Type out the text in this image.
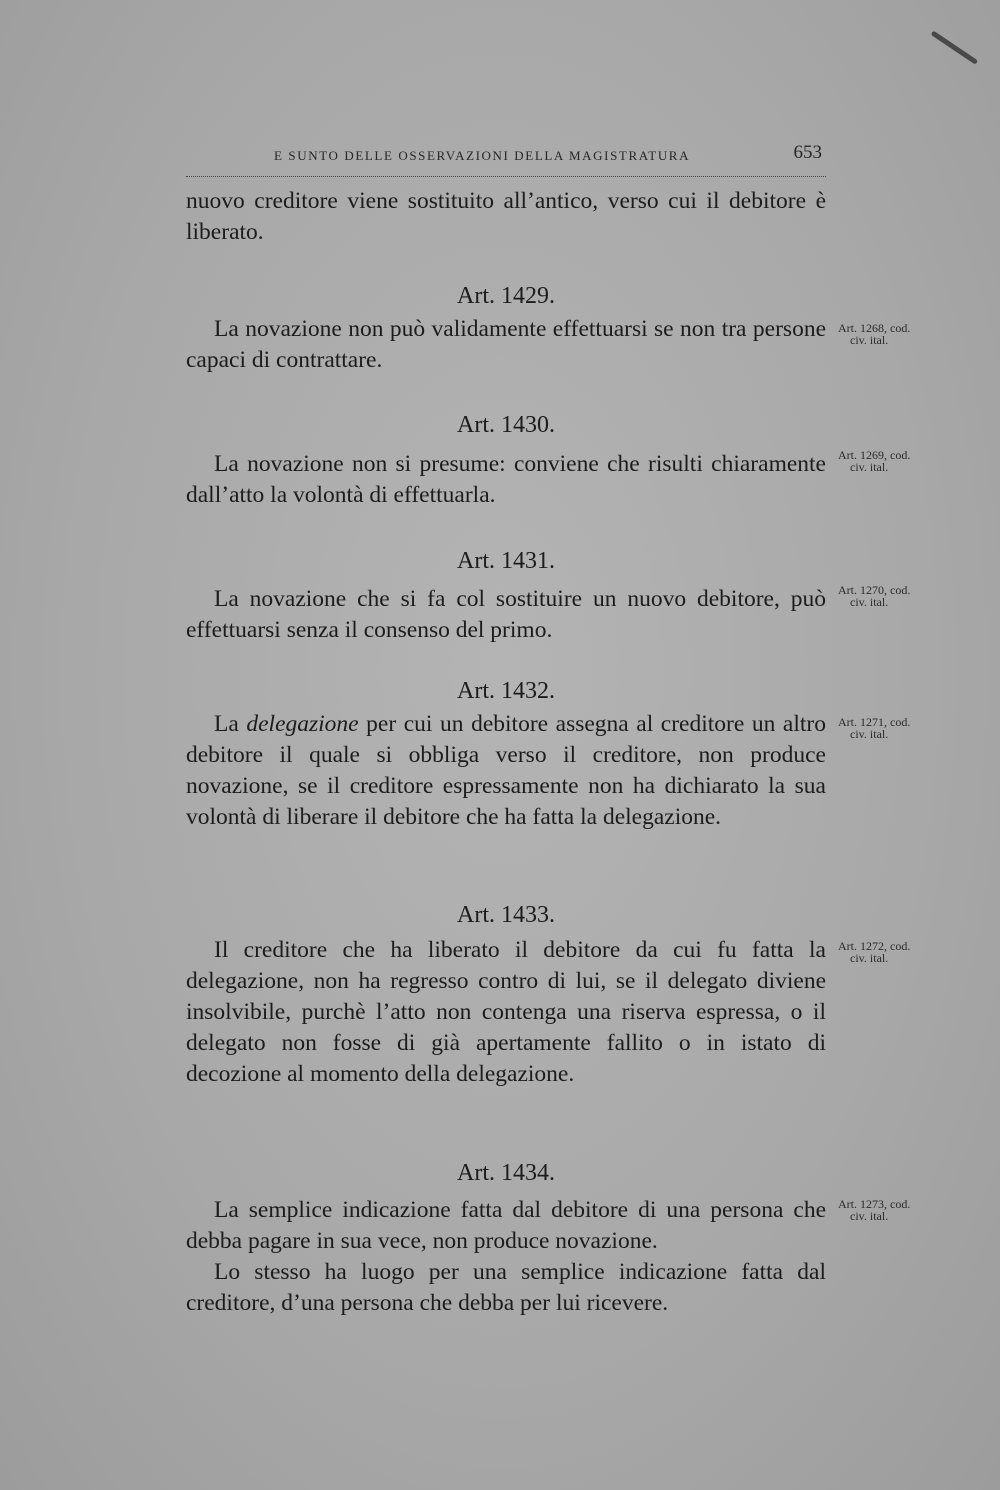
E SUNTO DELLE OSSERVAZIONI DELLA MAGISTRATURA	653

nuovo creditore viene sostituito all’antico, verso cui il debitore è liberato.

Art. 1429.

La novazione non può validamente effettuarsi se non tra persone capaci di contrattare.

Art. 1268, cod.
civ. ital.
Art. 1430.

La novazione non si presume: conviene che risulti chiaramente dall’atto la volontà di effettuarla.

Art. 1269, cod.
civ. ital.
Art. 1431.

La novazione che si fa col sostituire un nuovo debitore, può effettuarsi senza il consenso del primo.

Art. 1270, cod.
civ. ital.
Art. 1432.

La delegazione per cui un debitore assegna al creditore un altro debitore il quale si obbliga verso il creditore, non produce novazione, se il creditore espressamente non ha dichiarato la sua volontà di liberare il debitore che ha fatta la delegazione.

Art. 1271, cod.
civ. ital.
Art. 1433.

Il creditore che ha liberato il debitore da cui fu fatta la delegazione, non ha regresso contro di lui, se il delegato diviene insolvibile, purchè l’atto non contenga una riserva espressa, o il delegato non fosse di già apertamente fallito o in istato di decozione al momento della delegazione.

Art. 1272, cod.
civ. ital.
Art. 1434.

La semplice indicazione fatta dal debitore di una persona che debba pagare in sua vece, non produce novazione.

Lo stesso ha luogo per una semplice indicazione fatta dal creditore, d’una persona che debba per lui ricevere.

Art. 1273, cod.
civ. ital.
